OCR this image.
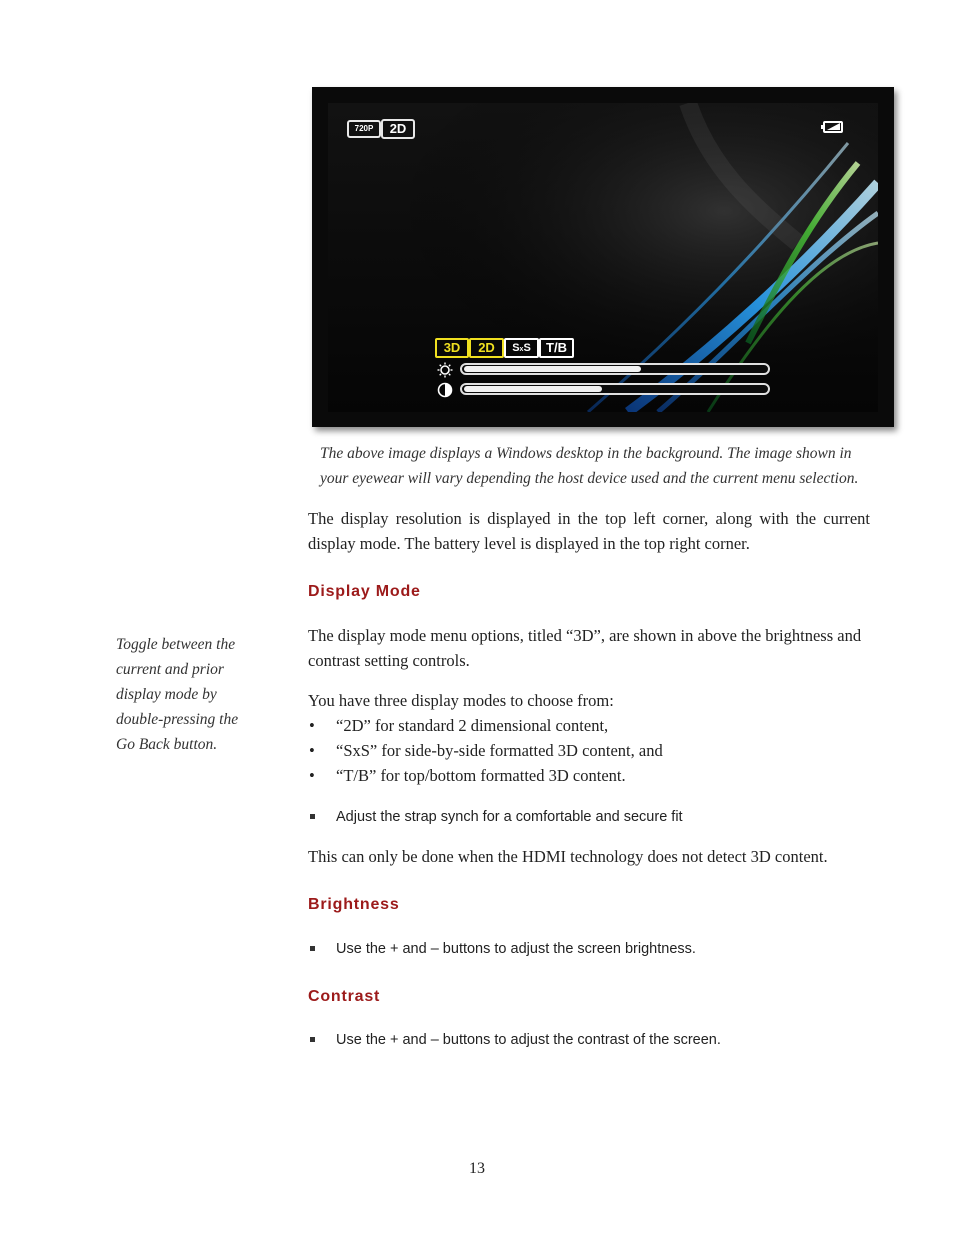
720P	2D
3D	2D	SxS	T/B
The above image displays a Windows desktop in the background. The image shown in your eyewear will vary depending the host device used and the current menu selection.
The display resolution is displayed in the top left corner, along with the current display mode. The battery level is displayed in the top right corner.
Display Mode
Toggle between the current and prior display mode by double-pressing the Go Back button.
The display mode menu options, titled “3D”, are shown in above the brightness and contrast setting controls.
You have three display modes to choose from:
• “2D” for standard 2 dimensional content,
• “SxS” for side-by-side formatted 3D content, and
• “T/B” for top/bottom formatted 3D content.
Adjust the strap synch for a comfortable and secure fit
This can only be done when the HDMI technology does not detect 3D content.
Brightness
Use the + and – buttons to adjust the screen brightness.
Contrast
Use the + and – buttons to adjust the contrast of the screen.
13
